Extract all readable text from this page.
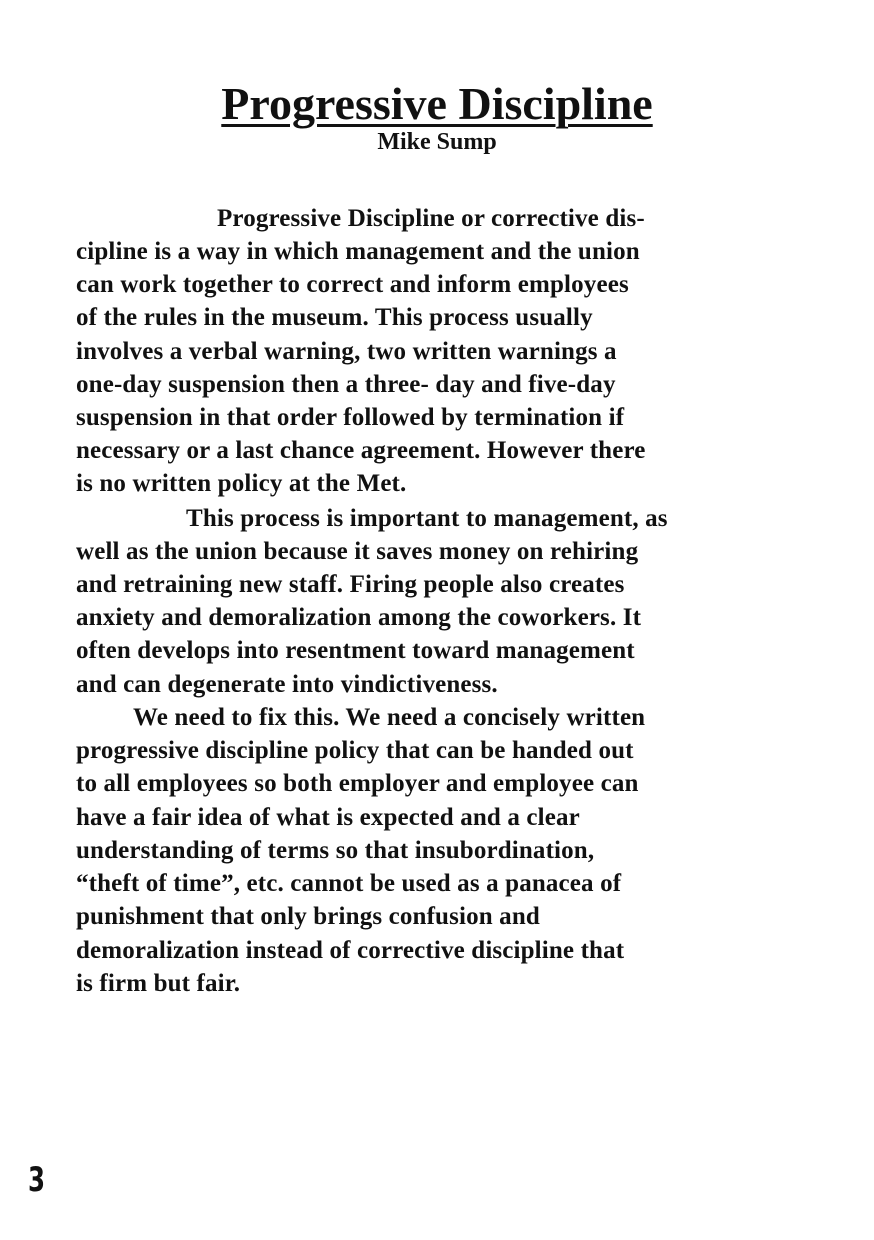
Progressive Discipline
Mike Sump
Progressive Discipline or corrective dis-
cipline is a way in which management and the union
can work together to correct and inform employees
of the rules in the museum. This process usually
involves a verbal warning, two written warnings a
one-day suspension then a three- day and five-day
suspension in that order followed by termination if
necessary or a last chance agreement. However there
is no written policy at the Met.
This process is important to management, as
well as the union because it saves money on rehiring
and retraining new staff. Firing people also creates
anxiety and demoralization among the coworkers. It
often develops into resentment toward management
and can degenerate into vindictiveness.
We need to fix this. We need a concisely written
progressive discipline policy that can be handed out
to all employees so both employer and employee can
have a fair idea of what is expected and a clear
understanding of terms so that insubordination,
“theft of time”, etc. cannot be used as a panacea of
punishment that only brings confusion and
demoralization instead of corrective discipline that
is firm but fair.
3
